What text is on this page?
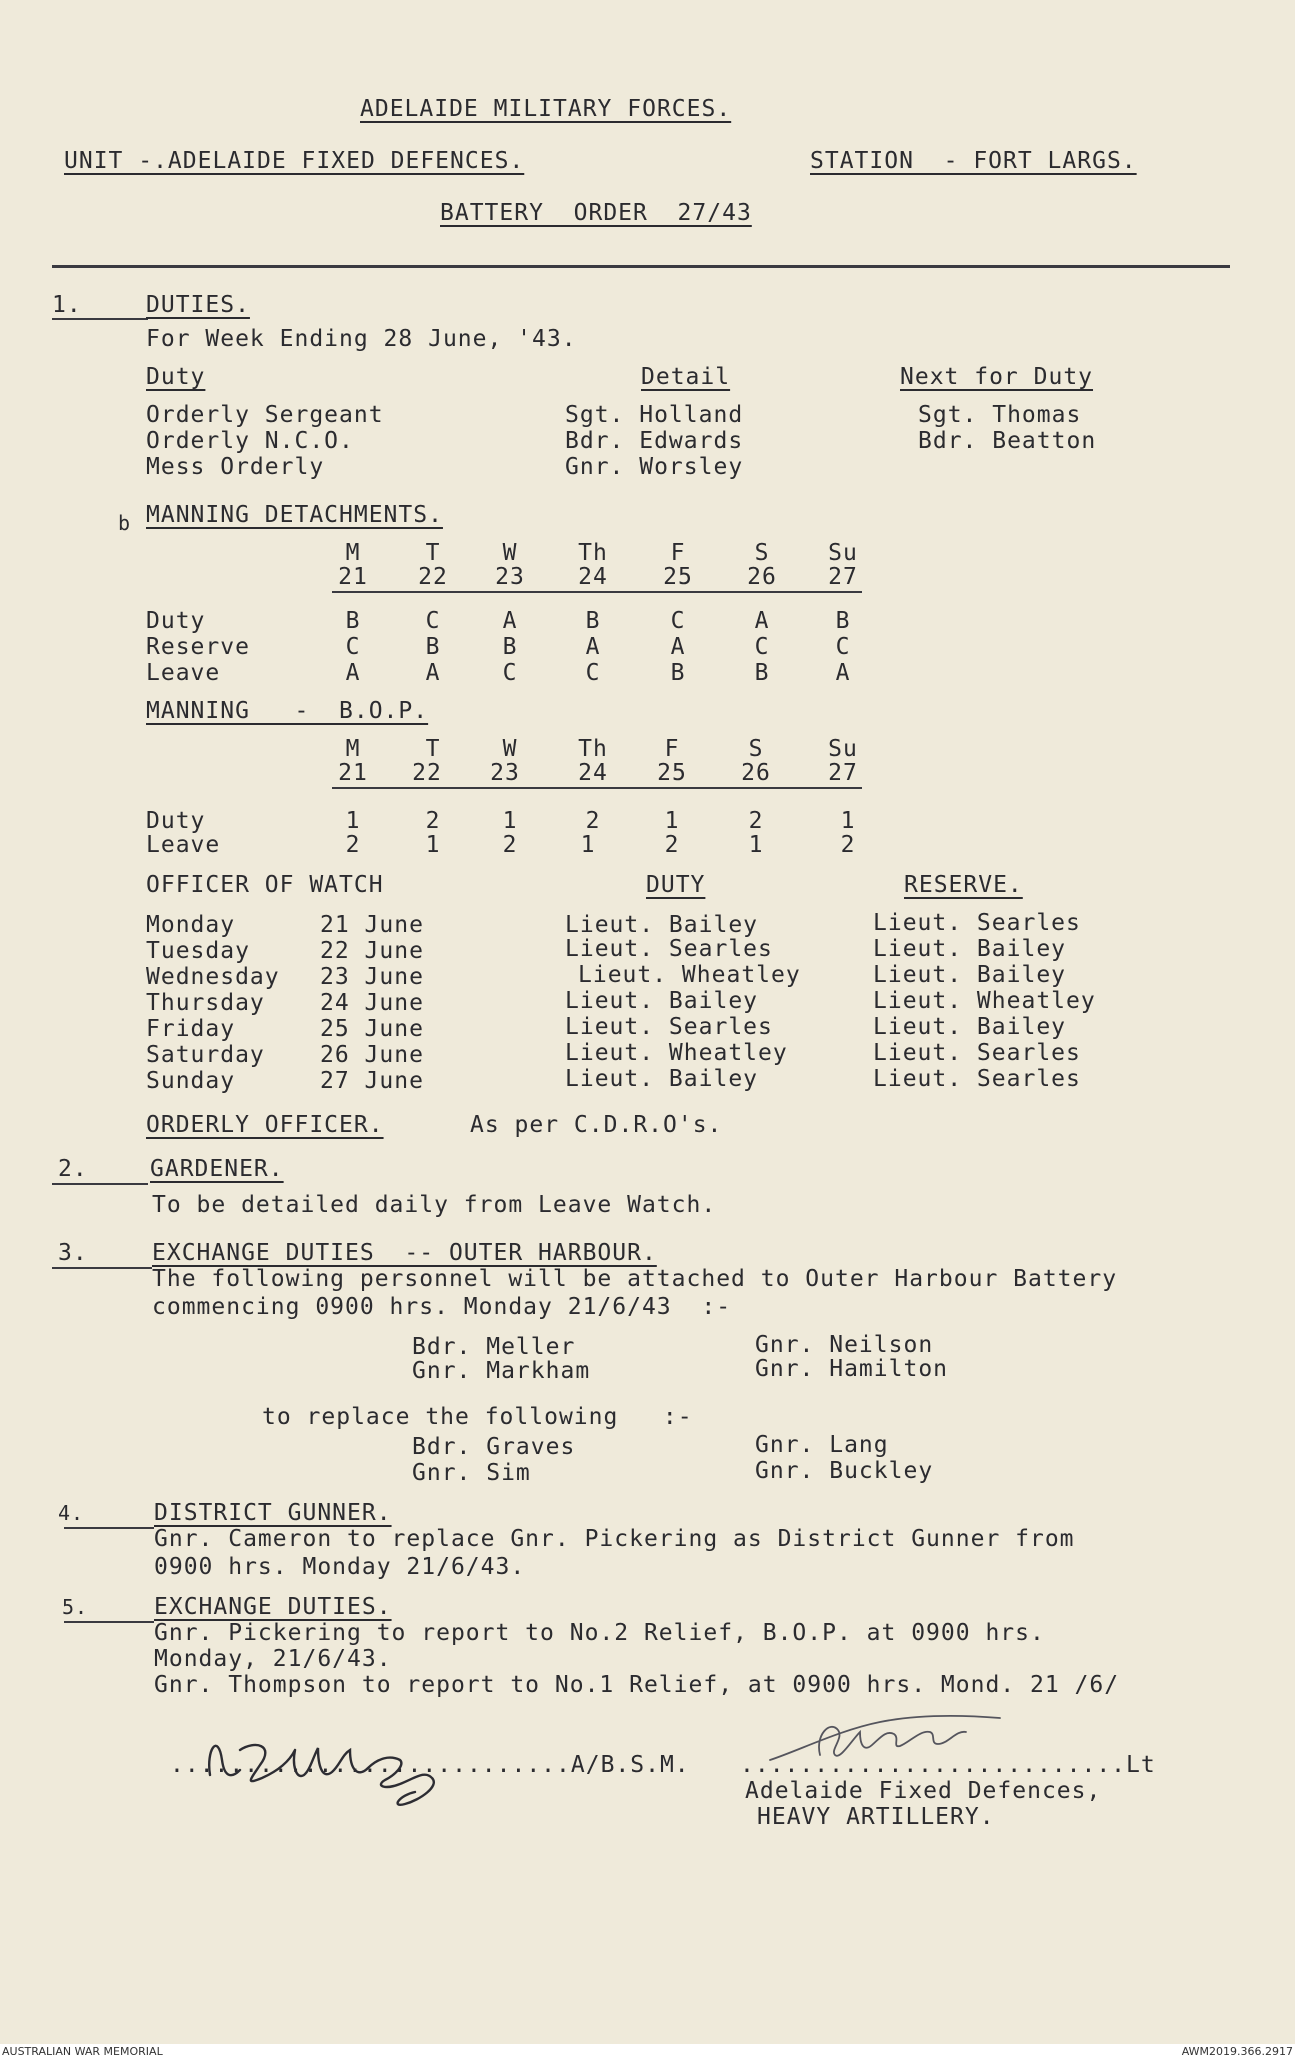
ADELAIDE MILITARY FORCES.
UNIT -.ADELAIDE FIXED DEFENCES.	STATION  - FORT LARGS.
BATTERY  ORDER  27/43
1.	DUTIES.
For Week Ending 28 June, '43.
Duty	Detail	Next for Duty
Orderly Sergeant	Sgt. Holland	Sgt. Thomas
Orderly N.C.O.	Bdr. Edwards	Bdr. Beatton
Mess Orderly	Gnr. Worsley
b MANNING DETACHMENTS.
M	T	W	Th	F	S	Su
21	22	23	24	25	26	27
Duty	B	C	A	B	C	A	B
Reserve	C	B	B	A	A	C	C
Leave	A	A	C	C	B	B	A
MANNING   -  B.O.P.
M	T	W	Th	F	S	Su
21	22	23	24	25	26	27
Duty	1	2	1	2	1	2	1
Leave	2	1	2	1	2	1	2
OFFICER OF WATCH	DUTY	RESERVE.
Monday	21 June	Lieut. Bailey	Lieut. Searles
Tuesday	22 June	Lieut. Searles	Lieut. Bailey
Wednesday 23 June	Lieut. Wheatley	Lieut. Bailey
Thursday 24 June	Lieut. Bailey	Lieut. Wheatley
Friday	25 June	Lieut. Searles	Lieut. Bailey
Saturday 26 June	Lieut. Wheatley	Lieut. Searles
Sunday	27 June	Lieut. Bailey	Lieut. Searles
ORDERLY OFFICER.	As per C.D.R.O's.
2.	GARDENER.
To be detailed daily from Leave Watch.
3.	EXCHANGE DUTIES  -- OUTER HARBOUR.
The following personnel will be attached to Outer Harbour Battery
commencing 0900 hrs. Monday 21/6/43  :-
Bdr. Meller	Gnr. Neilson
Gnr. Markham	Gnr. Hamilton
to replace the following   :-
Bdr. Graves	Gnr. Lang
Gnr. Sim	Gnr. Buckley
4.	DISTRICT GUNNER.
Gnr. Cameron to replace Gnr. Pickering as District Gunner from
0900 hrs. Monday 21/6/43.
5.	EXCHANGE DUTIES.
Gnr. Pickering to report to No.2 Relief, B.O.P. at 0900 hrs.
Monday, 21/6/43.
Gnr. Thompson to report to No.1 Relief, at 0900 hrs. Mond. 21 /6/
...........................A/B.S.M. ..........................Lt
Adelaide Fixed Defences,
HEAVY ARTILLERY.
AUSTRALIAN WAR MEMORIAL	AWM2019.366.2917
